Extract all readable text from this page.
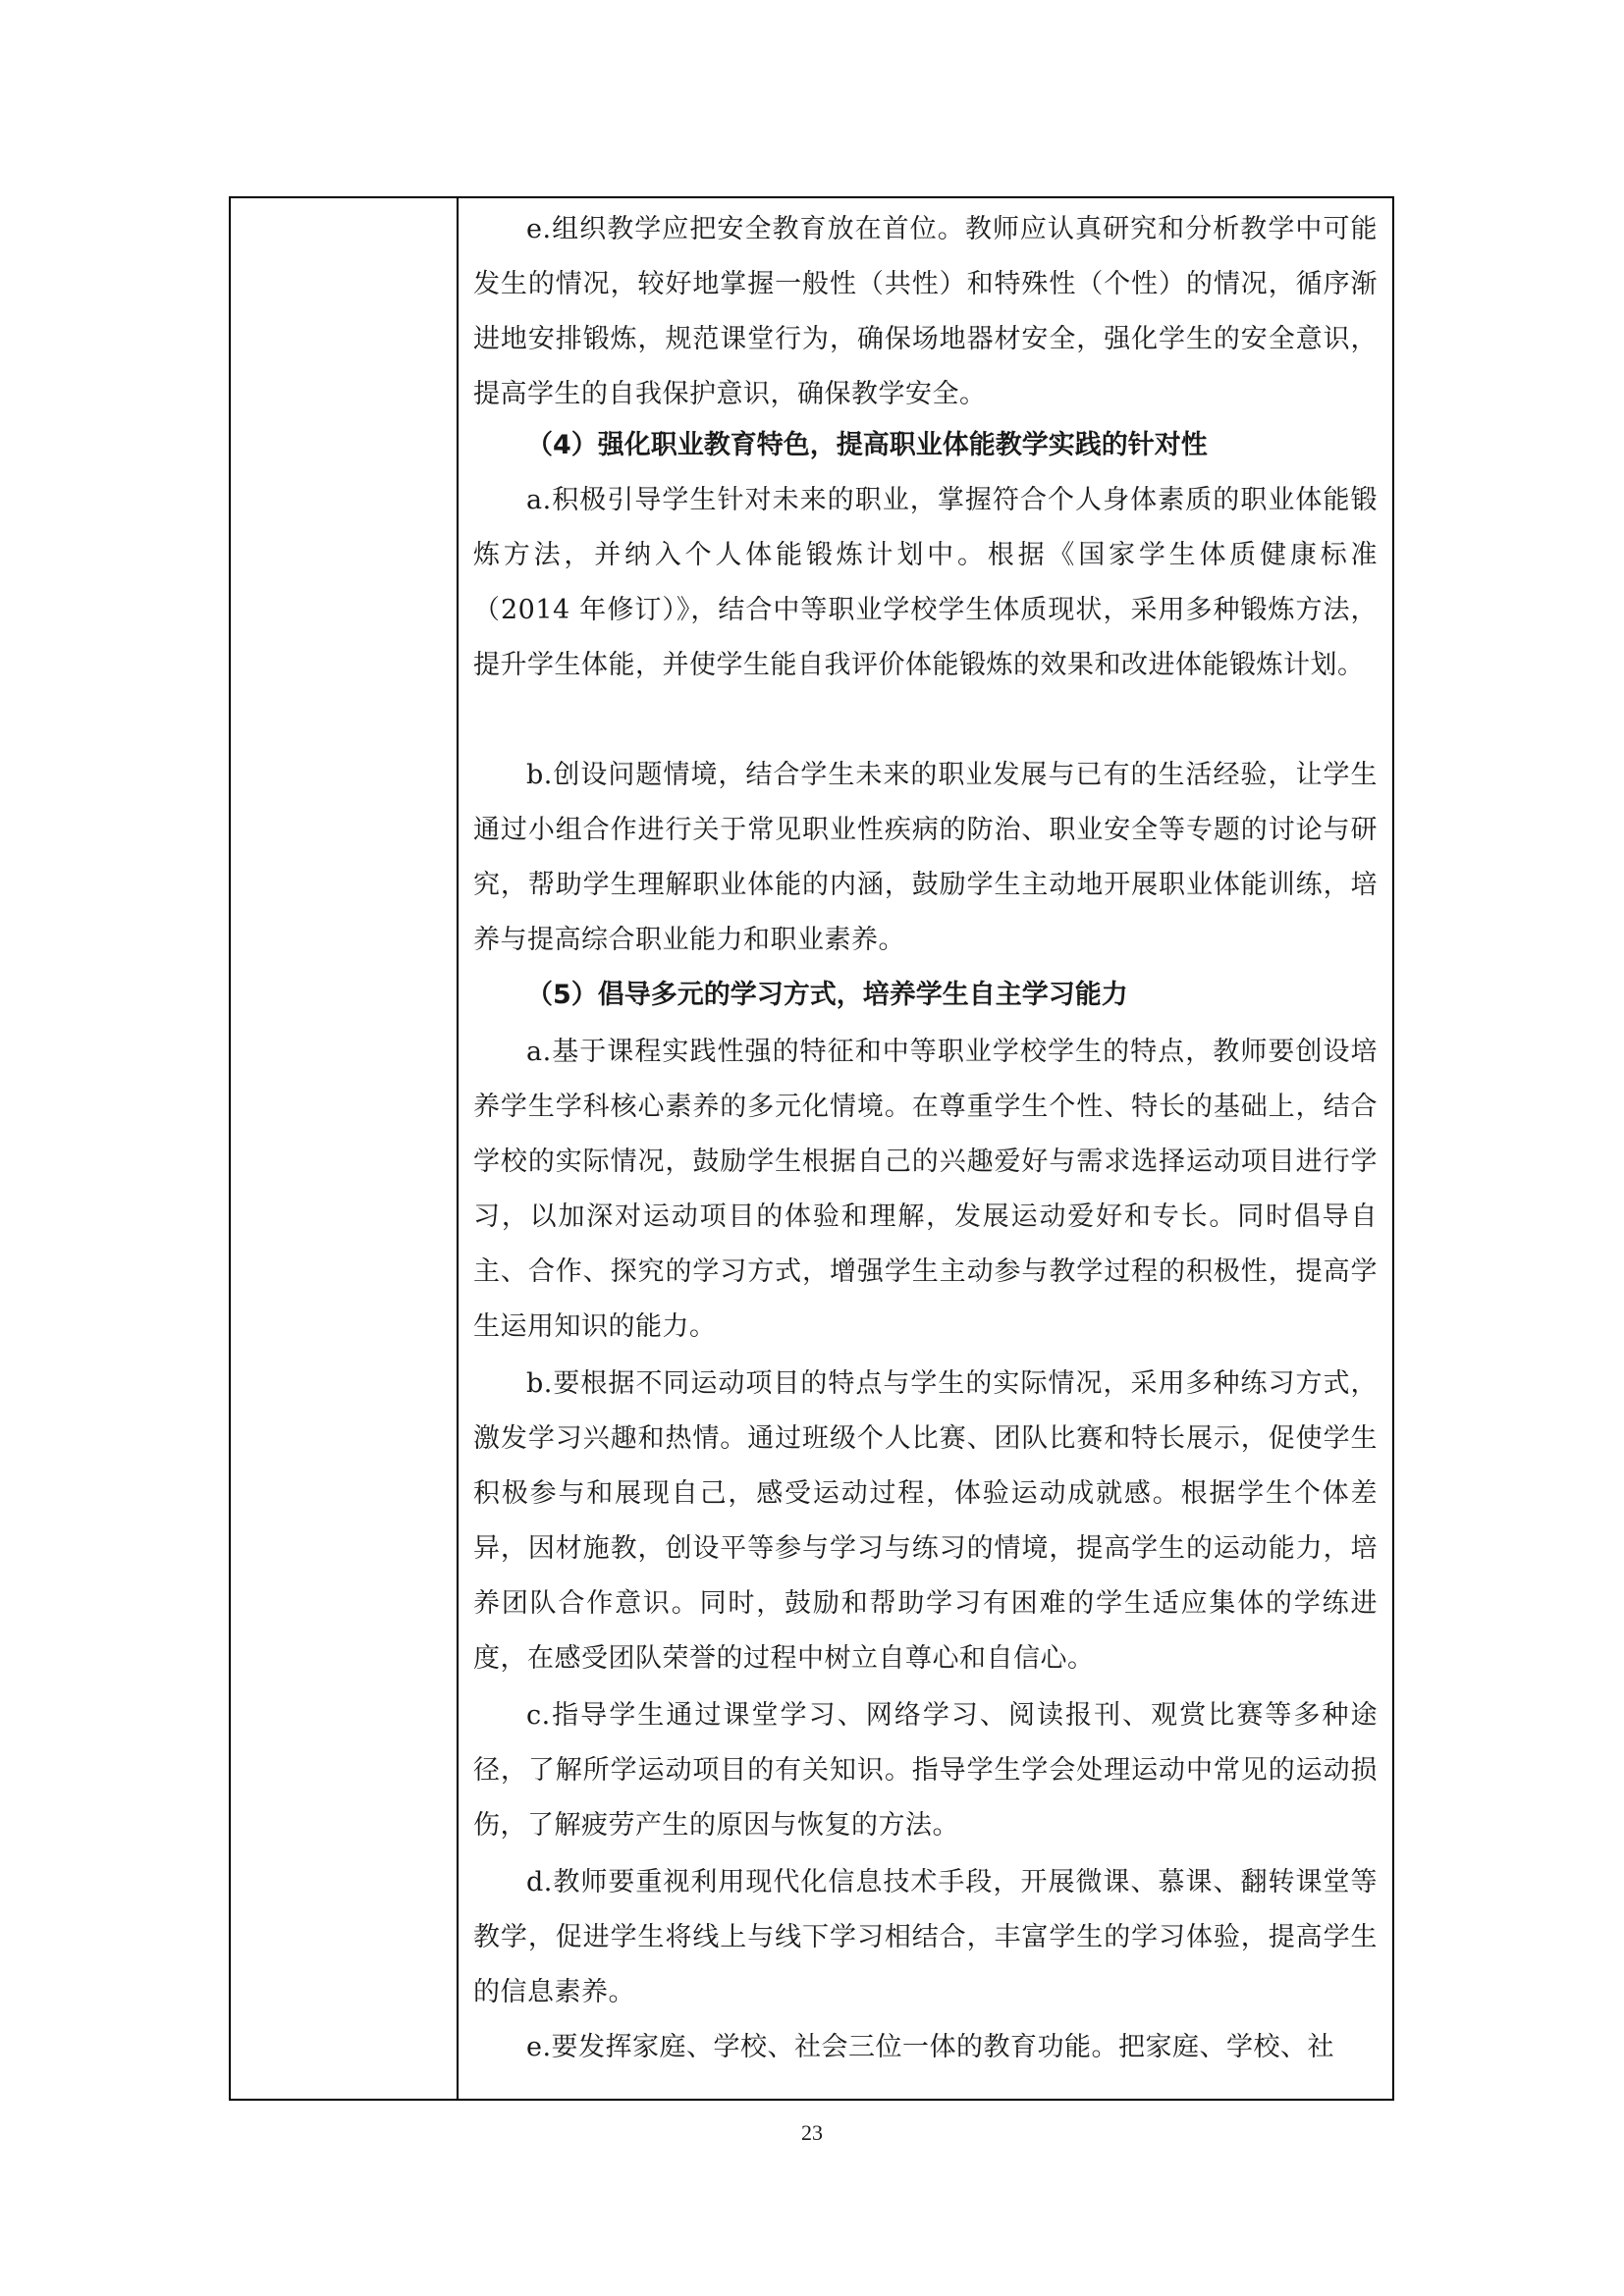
e.组织教学应把安全教育放在首位。教师应认真研究和分析教学中可能发生的情况，较好地掌握一般性（共性）和特殊性（个性）的情况，循序渐进地安排锻炼，规范课堂行为，确保场地器材安全，强化学生的安全意识，提高学生的自我保护意识，确保教学安全。

（4）强化职业教育特色，提高职业体能教学实践的针对性

a.积极引导学生针对未来的职业，掌握符合个人身体素质的职业体能锻炼方法，并纳入个人体能锻炼计划中。根据《国家学生体质健康标准（2014 年修订）》，结合中等职业学校学生体质现状，采用多种锻炼方法，提升学生体能，并使学生能自我评价体能锻炼的效果和改进体能锻炼计划。

b.创设问题情境，结合学生未来的职业发展与已有的生活经验，让学生通过小组合作进行关于常见职业性疾病的防治、职业安全等专题的讨论与研究，帮助学生理解职业体能的内涵，鼓励学生主动地开展职业体能训练，培养与提高综合职业能力和职业素养。

（5）倡导多元的学习方式，培养学生自主学习能力

a.基于课程实践性强的特征和中等职业学校学生的特点，教师要创设培养学生学科核心素养的多元化情境。在尊重学生个性、特长的基础上，结合学校的实际情况，鼓励学生根据自己的兴趣爱好与需求选择运动项目进行学习，以加深对运动项目的体验和理解，发展运动爱好和专长。同时倡导自主、合作、探究的学习方式，增强学生主动参与教学过程的积极性，提高学生运用知识的能力。

b.要根据不同运动项目的特点与学生的实际情况，采用多种练习方式，激发学习兴趣和热情。通过班级个人比赛、团队比赛和特长展示，促使学生积极参与和展现自己，感受运动过程，体验运动成就感。根据学生个体差异，因材施教，创设平等参与学习与练习的情境，提高学生的运动能力，培养团队合作意识。同时，鼓励和帮助学习有困难的学生适应集体的学练进度，在感受团队荣誉的过程中树立自尊心和自信心。

c.指导学生通过课堂学习、网络学习、阅读报刊、观赏比赛等多种途径，了解所学运动项目的有关知识。指导学生学会处理运动中常见的运动损伤，了解疲劳产生的原因与恢复的方法。

d.教师要重视利用现代化信息技术手段，开展微课、慕课、翻转课堂等教学，促进学生将线上与线下学习相结合，丰富学生的学习体验，提高学生的信息素养。

e.要发挥家庭、学校、社会三位一体的教育功能。把家庭、学校、社

23
